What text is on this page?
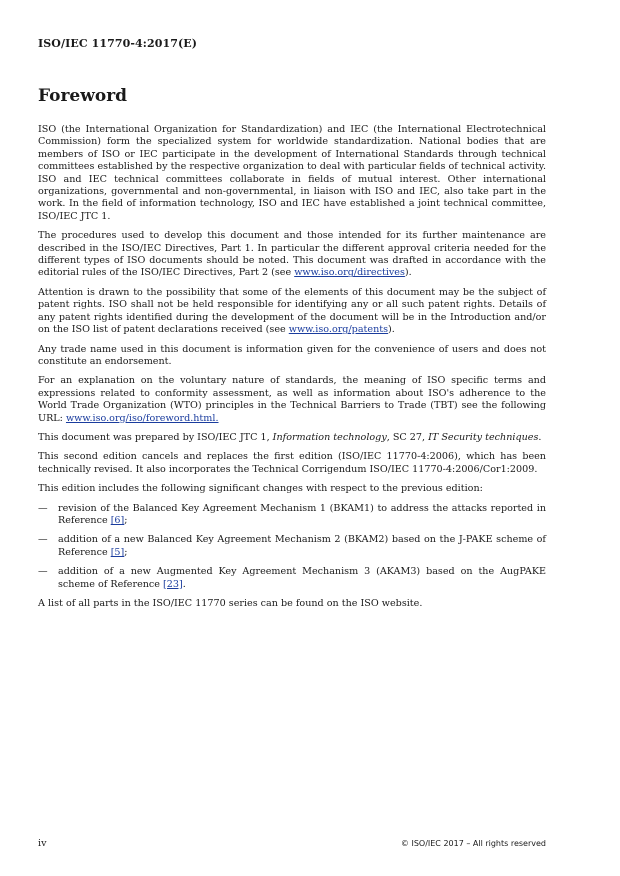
ISO/IEC 11770-4:2017(E)
Foreword

ISO (the International Organization for Standardization) and IEC (the International Electrotechnical Commission) form the specialized system for worldwide standardization. National bodies that are members of ISO or IEC participate in the development of International Standards through technical committees established by the respective organization to deal with particular fields of technical activity. ISO and IEC technical committees collaborate in fields of mutual interest. Other international organizations, governmental and non-governmental, in liaison with ISO and IEC, also take part in the work. In the field of information technology, ISO and IEC have established a joint technical committee, ISO/IEC JTC 1.

The procedures used to develop this document and those intended for its further maintenance are described in the ISO/IEC Directives, Part 1. In particular the different approval criteria needed for the different types of ISO documents should be noted. This document was drafted in accordance with the editorial rules of the ISO/IEC Directives, Part 2 (see www.iso.org/directives).

Attention is drawn to the possibility that some of the elements of this document may be the subject of patent rights. ISO shall not be held responsible for identifying any or all such patent rights. Details of any patent rights identified during the development of the document will be in the Introduction and/or on the ISO list of patent declarations received (see www.iso.org/patents).

Any trade name used in this document is information given for the convenience of users and does not constitute an endorsement.

For an explanation on the voluntary nature of standards, the meaning of ISO specific terms and expressions related to conformity assessment, as well as information about ISO's adherence to the World Trade Organization (WTO) principles in the Technical Barriers to Trade (TBT) see the following URL: www.iso.org/iso/foreword.html.

This document was prepared by ISO/IEC JTC 1, Information technology, SC 27, IT Security techniques.

This second edition cancels and replaces the first edition (ISO/IEC 11770-4:2006), which has been technically revised. It also incorporates the Technical Corrigendum ISO/IEC 11770-4:2006/Cor1:2009.

This edition includes the following significant changes with respect to the previous edition:

— revision of the Balanced Key Agreement Mechanism 1 (BKAM1) to address the attacks reported in Reference [6];
— addition of a new Balanced Key Agreement Mechanism 2 (BKAM2) based on the J-PAKE scheme of Reference [5];
— addition of a new Augmented Key Agreement Mechanism 3 (AKAM3) based on the AugPAKE scheme of Reference [23].

A list of all parts in the ISO/IEC 11770 series can be found on the ISO website.

iv	© ISO/IEC 2017 – All rights reserved
